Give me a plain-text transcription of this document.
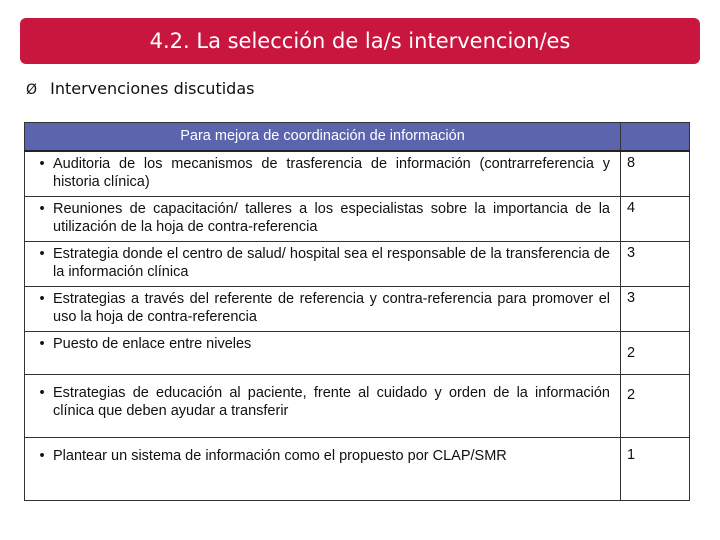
4.2. La selección de la/s intervencion/es
Ø Intervenciones discutidas
Para mejora de coordinación de información	

• Auditoria de los mecanismos de trasferencia de información (contrarreferencia y historia clínica)	8

• Reuniones de capacitación/ talleres a los especialistas sobre la importancia de la utilización de la hoja de contra-referencia	4

• Estrategia donde el centro de salud/ hospital sea el responsable de la transferencia de la información clínica	3

• Estrategias a través del referente de referencia y contra-referencia para promover el uso la hoja de contra-referencia	3

• Puesto de enlace entre niveles	2

• Estrategias de educación al paciente, frente al cuidado y orden de la información clínica que deben ayudar a transferir	2

• Plantear un sistema de información como el propuesto por CLAP/SMR	1
